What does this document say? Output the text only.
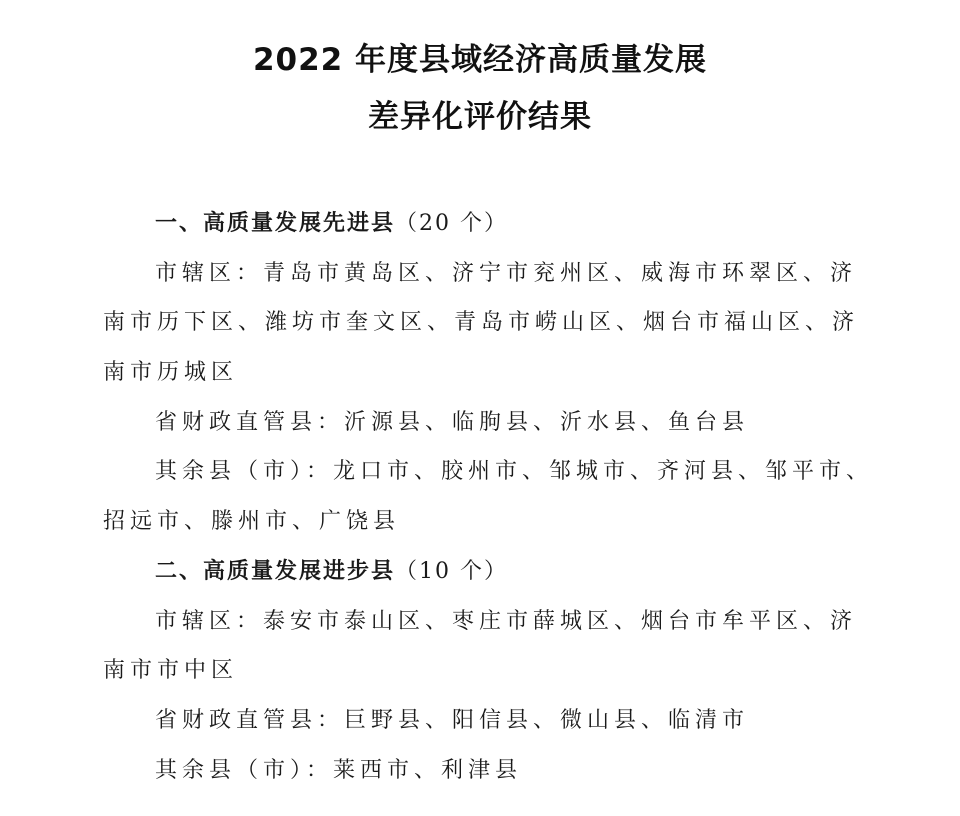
2022 年度县域经济高质量发展
差异化评价结果
一、高质量发展先进县（20 个）
市辖区：青岛市黄岛区、济宁市兖州区、威海市环翠区、济
南市历下区、潍坊市奎文区、青岛市崂山区、烟台市福山区、济
南市历城区
省财政直管县：沂源县、临朐县、沂水县、鱼台县
其余县（市）：龙口市、胶州市、邹城市、齐河县、邹平市、
招远市、滕州市、广饶县
二、高质量发展进步县（10 个）
市辖区：泰安市泰山区、枣庄市薛城区、烟台市牟平区、济
南市市中区
省财政直管县：巨野县、阳信县、微山县、临清市
其余县（市）：莱西市、利津县
